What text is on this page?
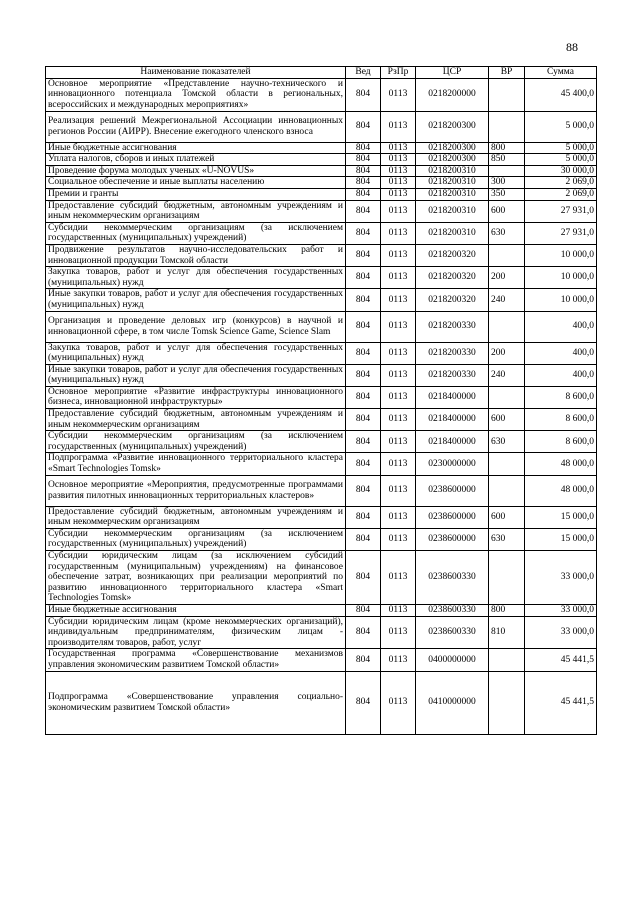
88
Наименование показателей	Вед	РзПр	ЦСР	ВР	Сумма
Основное мероприятие «Представление научно-технического и инновационного потенциала Томской области в региональных, всероссийских и международных мероприятиях»	804	0113	0218200000		45 400,0
Реализация решений Межрегиональной Ассоциации инновационных регионов России (АИРР). Внесение ежегодного членского взноса	804	0113	0218200300		5 000,0
Иные бюджетные ассигнования	804	0113	0218200300	800	5 000,0
Уплата налогов, сборов и иных платежей	804	0113	0218200300	850	5 000,0
Проведение форума молодых ученых «U-NOVUS»	804	0113	0218200310		30 000,0
Социальное обеспечение и иные выплаты населению	804	0113	0218200310	300	2 069,0
Премии и гранты	804	0113	0218200310	350	2 069,0
Предоставление субсидий бюджетным, автономным учреждениям и иным некоммерческим организациям	804	0113	0218200310	600	27 931,0
Субсидии некоммерческим организациям (за исключением государственных (муниципальных) учреждений)	804	0113	0218200310	630	27 931,0
Продвижение результатов научно-исследовательских работ и инновационной продукции Томской области	804	0113	0218200320		10 000,0
Закупка товаров, работ и услуг для обеспечения государственных (муниципальных) нужд	804	0113	0218200320	200	10 000,0
Иные закупки товаров, работ и услуг для обеспечения государственных (муниципальных) нужд	804	0113	0218200320	240	10 000,0
Организация и проведение деловых игр (конкурсов) в научной и инновационной сфере, в том числе Tomsk Science Game, Science Slam	804	0113	0218200330		400,0
Закупка товаров, работ и услуг для обеспечения государственных (муниципальных) нужд	804	0113	0218200330	200	400,0
Иные закупки товаров, работ и услуг для обеспечения государственных (муниципальных) нужд	804	0113	0218200330	240	400,0
Основное мероприятие «Развитие инфраструктуры инновационного бизнеса, инновационной инфраструктуры»	804	0113	0218400000		8 600,0
Предоставление субсидий бюджетным, автономным учреждениям и иным некоммерческим организациям	804	0113	0218400000	600	8 600,0
Субсидии некоммерческим организациям (за исключением государственных (муниципальных) учреждений)	804	0113	0218400000	630	8 600,0
Подпрограмма «Развитие инновационного территориального кластера «Smart Technologies Tomsk»	804	0113	0230000000		48 000,0
Основное мероприятие «Мероприятия, предусмотренные программами развития пилотных инновационных территориальных кластеров»	804	0113	0238600000		48 000,0
Предоставление субсидий бюджетным, автономным учреждениям и иным некоммерческим организациям	804	0113	0238600000	600	15 000,0
Субсидии некоммерческим организациям (за исключением государственных (муниципальных) учреждений)	804	0113	0238600000	630	15 000,0
Субсидии юридическим лицам (за исключением субсидий государственным (муниципальным) учреждениям) на финансовое обеспечение затрат, возникающих при реализации мероприятий по развитию инновационного территориального кластера «Smart Technologies Tomsk»	804	0113	0238600330		33 000,0
Иные бюджетные ассигнования	804	0113	0238600330	800	33 000,0
Субсидии юридическим лицам (кроме некоммерческих организаций), индивидуальным предпринимателям, физическим лицам - производителям товаров, работ, услуг	804	0113	0238600330	810	33 000,0
Государственная программа «Совершенствование механизмов управления экономическим развитием Томской области»	804	0113	0400000000		45 441,5
Подпрограмма «Совершенствование управления социально-экономическим развитием Томской области»	804	0113	0410000000		45 441,5
